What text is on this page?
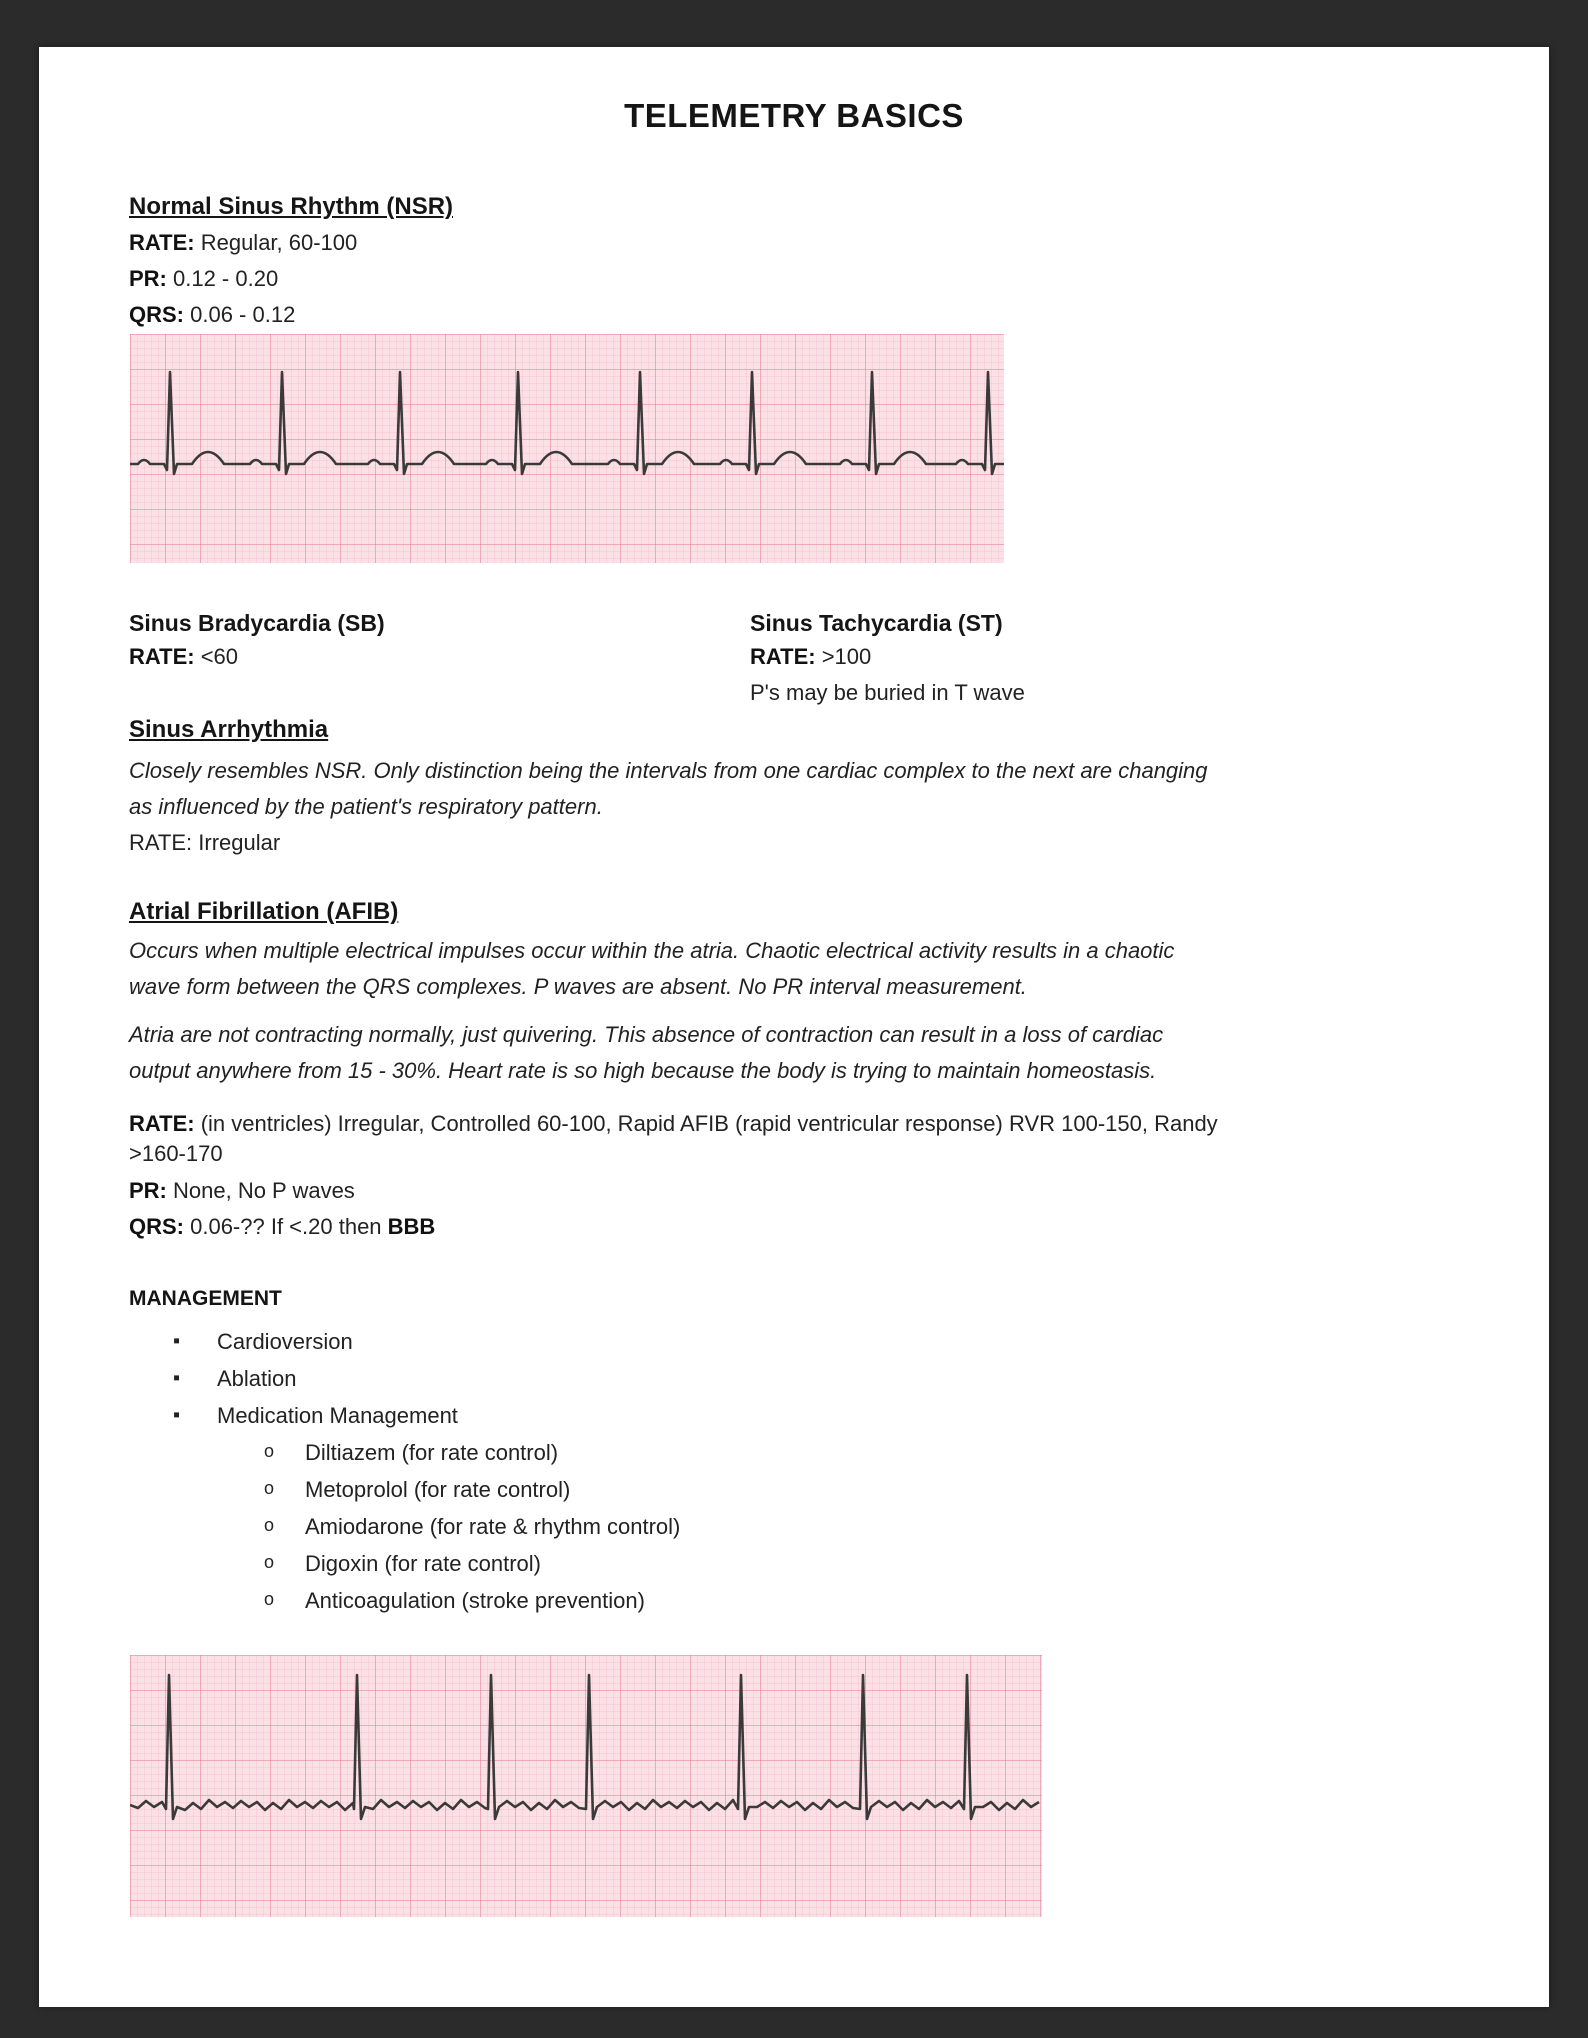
TELEMETRY BASICS
Normal Sinus Rhythm (NSR)
RATE: Regular, 60-100
PR: 0.12 - 0.20
QRS: 0.06 - 0.12
Sinus Bradycardia (SB)
RATE: <60
Sinus Tachycardia (ST)
RATE: >100
P's may be buried in T wave
Sinus Arrhythmia
Closely resembles NSR. Only distinction being the intervals from one cardiac complex to the next are changing
as influenced by the patient's respiratory pattern.
RATE: Irregular
Atrial Fibrillation (AFIB)
Occurs when multiple electrical impulses occur within the atria. Chaotic electrical activity results in a chaotic
wave form between the QRS complexes. P waves are absent. No PR interval measurement.
Atria are not contracting normally, just quivering. This absence of contraction can result in a loss of cardiac
output anywhere from 15 - 30%. Heart rate is so high because the body is trying to maintain homeostasis.
RATE: (in ventricles) Irregular, Controlled 60-100, Rapid AFIB (rapid ventricular response) RVR 100-150, Randy
>160-170
PR: None, No P waves
QRS: 0.06-?? If <.20 then BBB
MANAGEMENT
▪ Cardioversion
▪ Ablation
▪ Medication Management
o Diltiazem (for rate control)
o Metoprolol (for rate control)
o Amiodarone (for rate & rhythm control)
o Digoxin (for rate control)
o Anticoagulation (stroke prevention)
